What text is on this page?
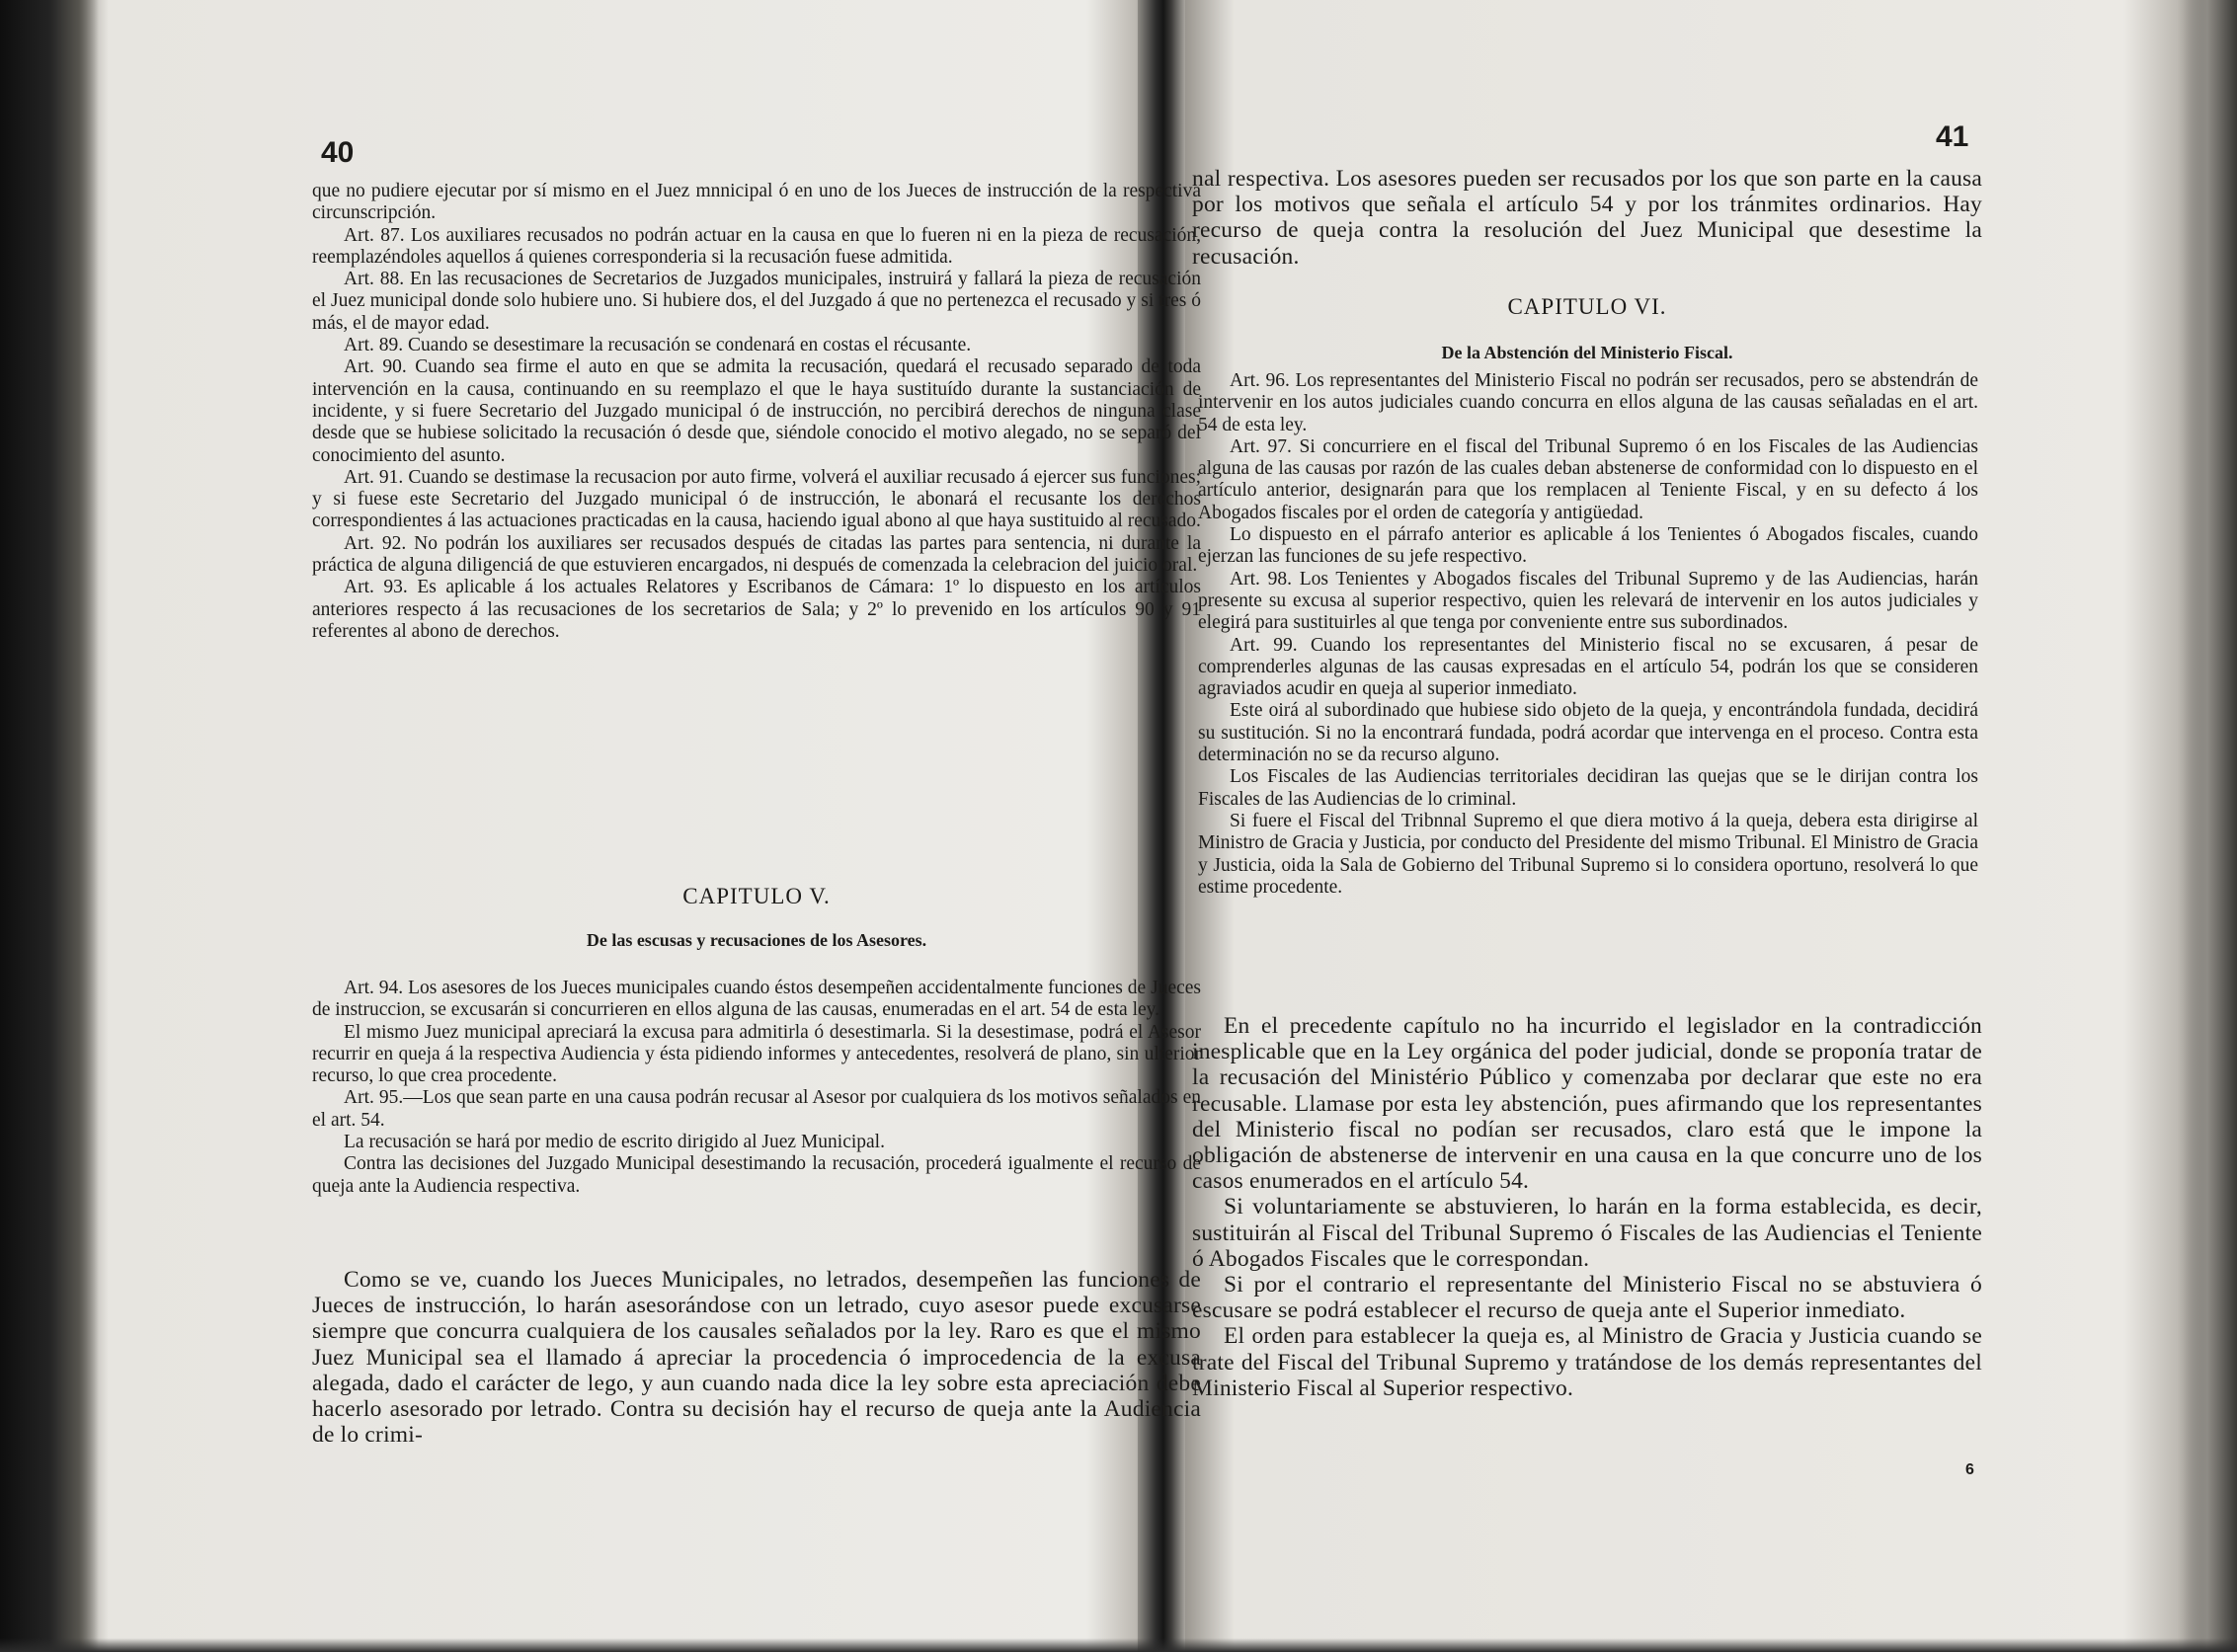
40

que no pudiere ejecutar por sí mismo en el Juez mnnicipal ó en uno de los Jueces de instrucción de la respectiva circunscripción.

Art. 87. Los auxiliares recusados no podrán actuar en la causa en que lo fueren ni en la pieza de recusación, reemplazéndoles aquellos á quienes corresponderia si la recusación fuese admitida.

Art. 88. En las recusaciones de Secretarios de Juzgados municipales, instruirá y fallará la pieza de recusación el Juez municipal donde solo hubiere uno. Si hubiere dos, el del Juzgado á que no pertenezca el recusado y si tres ó más, el de mayor edad.

Art. 89. Cuando se desestimare la recusación se condenará en costas el récusante.

Art. 90. Cuando sea firme el auto en que se admita la recusación, quedará el recusado separado de toda intervención en la causa, continuando en su reemplazo el que le haya sustituído durante la sustanciación de incidente, y si fuere Secretario del Juzgado municipal ó de instrucción, no percibirá derechos de ninguna clase desde que se hubiese solicitado la recusación ó desde que, siéndole conocido el motivo alegado, no se separó del conocimiento del asunto.

Art. 91. Cuando se destimase la recusacion por auto firme, volverá el auxiliar recusado á ejercer sus funciones; y si fuese este Secretario del Juzgado municipal ó de instrucción, le abonará el recusante los derechos correspondientes á las actuaciones practicadas en la causa, haciendo igual abono al que haya sustituido al recusado.

Art. 92. No podrán los auxiliares ser recusados después de citadas las partes para sentencia, ni durante la práctica de alguna diligenciá de que estuvieren encargados, ni después de comenzada la celebracion del juicio oral.

Art. 93. Es aplicable á los actuales Relatores y Escribanos de Cámara: 1º lo dispuesto en los artículos anteriores respecto á las recusaciones de los secretarios de Sala; y 2º lo prevenido en los artículos 90 y 91 referentes al abono de derechos.

CAPITULO V.
De las escusas y recusaciones de los Asesores.

Art. 94. Los asesores de los Jueces municipales cuando éstos desempeñen accidentalmente funciones de Jueces de instruccion, se excusarán si concurrieren en ellos alguna de las causas, enumeradas en el art. 54 de esta ley.

El mismo Juez municipal apreciará la excusa para admitirla ó desestimarla. Si la desestimase, podrá el Asesor recurrir en queja á la respectiva Audiencia y ésta pidiendo informes y antecedentes, resolverá de plano, sin ulterior recurso, lo que crea procedente.

Art. 95.—Los que sean parte en una causa podrán recusar al Asesor por cualquiera ds los motivos señalados en el art. 54.

La recusación se hará por medio de escrito dirigido al Juez Municipal.

Contra las decisiones del Juzgado Municipal desestimando la recusación, procederá igualmente el recurso de queja ante la Audiencia respectiva.

Como se ve, cuando los Jueces Municipales, no letrados, desempeñen las funciones de Jueces de instrucción, lo harán asesorándose con un letrado, cuyo asesor puede excusarse siempre que concurra cualquiera de los causales señalados por la ley. Raro es que el mismo Juez Municipal sea el llamado á apreciar la procedencia ó improcedencia de la excusa alegada, dado el carácter de lego, y aun cuando nada dice la ley sobre esta apreciación debe hacerlo asesorado por letrado. Contra su decisión hay el recurso de queja ante la Audiencia de lo crimi-

41

nal respectiva. Los asesores pueden ser recusados por los que son parte en la causa por los motivos que señala el artículo 54 y por los tránmites ordinarios. Hay recurso de queja contra la resolución del Juez Municipal que desestime la recusación.

CAPITULO VI.
De la Abstención del Ministerio Fiscal.

Art. 96. Los representantes del Ministerio Fiscal no podrán ser recusados, pero se abstendrán de intervenir en los autos judiciales cuando concurra en ellos alguna de las causas señaladas en el art. 54 de esta ley.

Art. 97. Si concurriere en el fiscal del Tribunal Supremo ó en los Fiscales de las Audiencias alguna de las causas por razón de las cuales deban abstenerse de conformidad con lo dispuesto en el artículo anterior, designarán para que los remplacen al Teniente Fiscal, y en su defecto á los Abogados fiscales por el orden de categoría y antigüedad.

Lo dispuesto en el párrafo anterior es aplicable á los Tenientes ó Abogados fiscales, cuando ejerzan las funciones de su jefe respectivo.

Art. 98. Los Tenientes y Abogados fiscales del Tribunal Supremo y de las Audiencias, harán presente su excusa al superior respectivo, quien les relevará de intervenir en los autos judiciales y elegirá para sustituirles al que tenga por conveniente entre sus subordinados.

Art. 99. Cuando los representantes del Ministerio fiscal no se excusaren, á pesar de comprenderles algunas de las causas expresadas en el artículo 54, podrán los que se consideren agraviados acudir en queja al superior inmediato.

Este oirá al subordinado que hubiese sido objeto de la queja, y encontrándola fundada, decidirá su sustitución. Si no la encontrará fundada, podrá acordar que intervenga en el proceso. Contra esta determinación no se da recurso alguno.

Los Fiscales de las Audiencias territoriales decidiran las quejas que se le dirijan contra los Fiscales de las Audiencias de lo criminal.

Si fuere el Fiscal del Tribnnal Supremo el que diera motivo á la queja, debera esta dirigirse al Ministro de Gracia y Justicia, por conducto del Presidente del mismo Tribunal. El Ministro de Gracia y Justicia, oida la Sala de Gobierno del Tribunal Supremo si lo considera oportuno, resolverá lo que estime procedente.

En el precedente capítulo no ha incurrido el legislador en la contradicción inesplicable que en la Ley orgánica del poder judicial, donde se proponía tratar de la recusación del Ministério Público y comenzaba por declarar que este no era recusable. Llamase por esta ley abstención, pues afirmando que los representantes del Ministerio fiscal no podían ser recusados, claro está que le impone la obligación de abstenerse de intervenir en una causa en la que concurre uno de los casos enumerados en el artículo 54.

Si voluntariamente se abstuvieren, lo harán en la forma establecida, es decir, sustituirán al Fiscal del Tribunal Supremo ó Fiscales de las Audiencias el Teniente ó Abogados Fiscales que le correspondan.

Si por el contrario el representante del Ministerio Fiscal no se abstuviera ó escusare se podrá establecer el recurso de queja ante el Superior inmediato.

El orden para establecer la queja es, al Ministro de Gracia y Justicia cuando se trate del Fiscal del Tribunal Supremo y tratándose de los demás representantes del Ministerio Fiscal al Superior respectivo.

6
